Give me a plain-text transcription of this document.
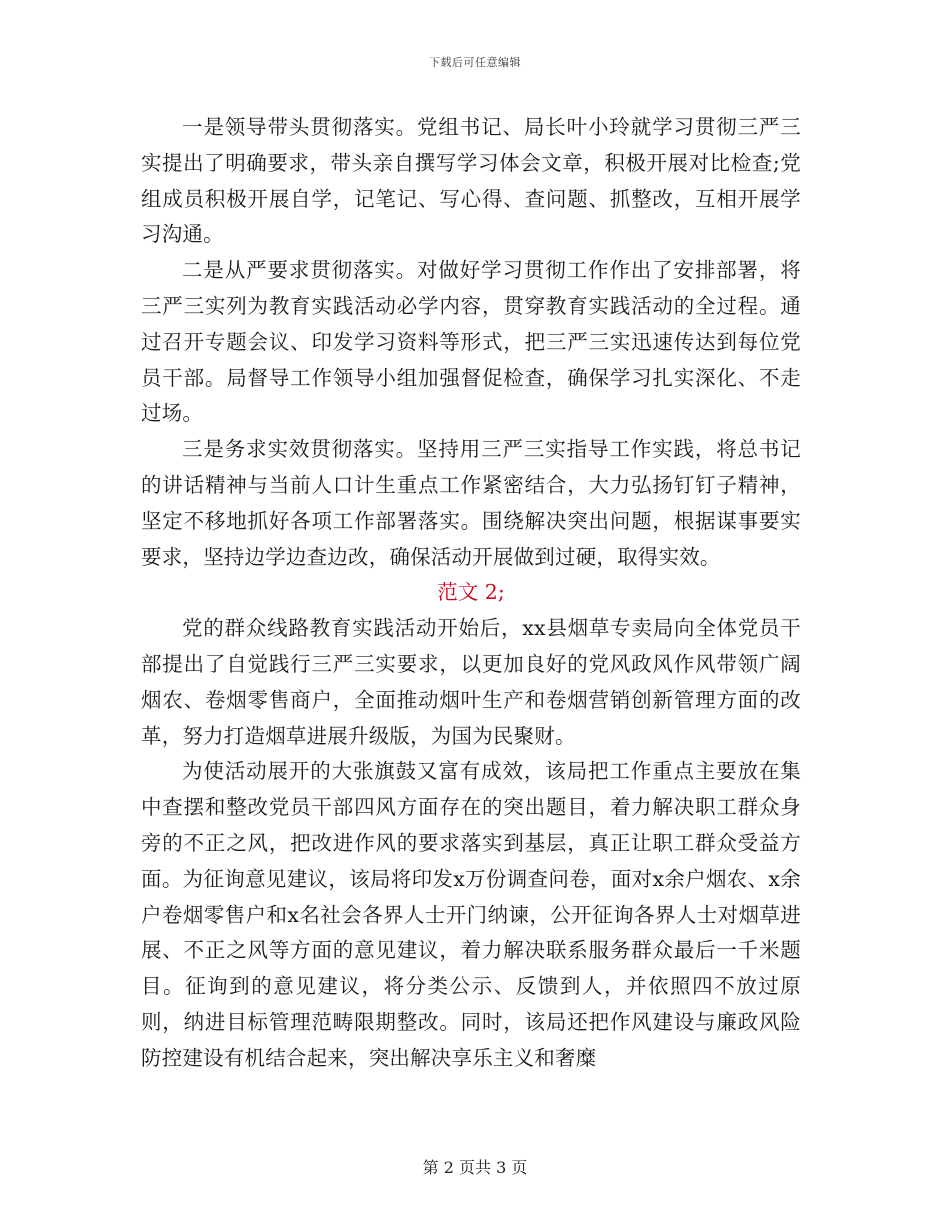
下载后可任意编辑

一是领导带头贯彻落实。党组书记、局长叶小玲就学习贯彻三严三实提出了明确要求，带头亲自撰写学习体会文章，积极开展对比检查;党组成员积极开展自学，记笔记、写心得、查问题、抓整改，互相开展学习沟通。

二是从严要求贯彻落实。对做好学习贯彻工作作出了安排部署，将三严三实列为教育实践活动必学内容，贯穿教育实践活动的全过程。通过召开专题会议、印发学习资料等形式，把三严三实迅速传达到每位党员干部。局督导工作领导小组加强督促检查，确保学习扎实深化、不走过场。

三是务求实效贯彻落实。坚持用三严三实指导工作实践，将总书记的讲话精神与当前人口计生重点工作紧密结合，大力弘扬钉钉子精神，坚定不移地抓好各项工作部署落实。围绕解决突出问题，根据谋事要实要求，坚持边学边查边改，确保活动开展做到过硬，取得实效。

范文 2;

党的群众线路教育实践活动开始后，xx县烟草专卖局向全体党员干部提出了自觉践行三严三实要求，以更加良好的党风政风作风带领广阔烟农、卷烟零售商户，全面推动烟叶生产和卷烟营销创新管理方面的改革，努力打造烟草进展升级版，为国为民聚财。

为使活动展开的大张旗鼓又富有成效，该局把工作重点主要放在集中查摆和整改党员干部四风方面存在的突出题目，着力解决职工群众身旁的不正之风，把改进作风的要求落实到基层，真正让职工群众受益方面。为征询意见建议，该局将印发x万份调查问卷，面对x余户烟农、x余户卷烟零售户和x名社会各界人士开门纳谏，公开征询各界人士对烟草进展、不正之风等方面的意见建议，着力解决联系服务群众最后一千米题目。征询到的意见建议，将分类公示、反馈到人，并依照四不放过原则，纳进目标管理范畴限期整改。同时，该局还把作风建设与廉政风险防控建设有机结合起来，突出解决享乐主义和奢糜

第 2 页共 3 页
